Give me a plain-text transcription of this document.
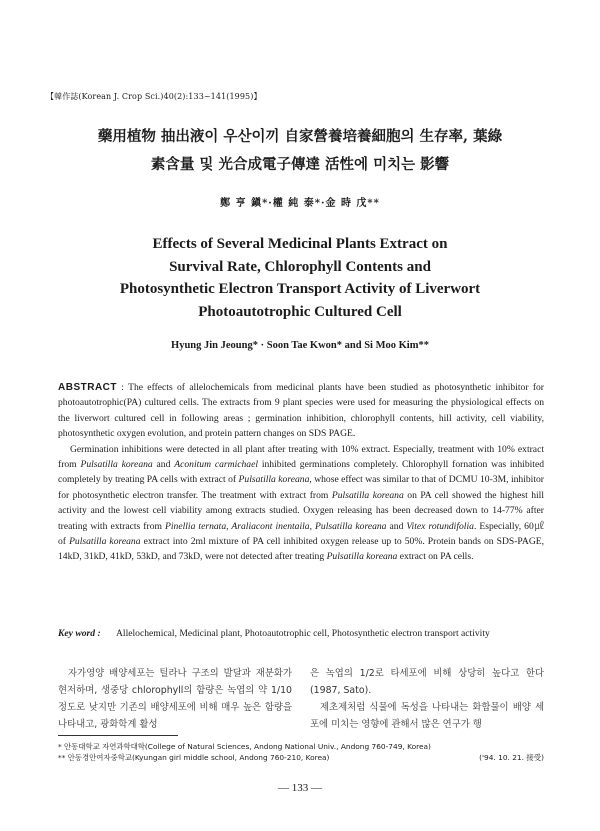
【韓作誌(Korean J. Crop Sci.)40(2):133~141(1995)】
藥用植物 抽出液이 우산이끼 自家營養培養細胞의 生存率, 葉綠
素含量 및 光合成電子傳達 活性에 미치는 影響
鄭 亨 鎭*·權 純 泰*·金 時 戊**
Effects of Several Medicinal Plants Extract on
Survival Rate, Chlorophyll Contents and
Photosynthetic Electron Transport Activity of Liverwort
Photoautotrophic Cultured Cell
Hyung Jin Jeoung* · Soon Tae Kwon* and Si Moo Kim**

ABSTRACT : The effects of allelochemicals from medicinal plants have been studied as photosynthetic inhibitor for photoautotrophic(PA) cultured cells. The extracts from 9 plant species were used for measuring the physiological effects on the liverwort cultured cell in following areas ; germination inhibition, chlorophyll contents, hill activity, cell viability, photosynthetic oxygen evolution, and protein pattern changes on SDS PAGE.

Germination inhibitions were detected in all plant after treating with 10% extract. Especially, treatment with 10% extract from Pulsatilla koreana and Aconitum carmichael inhibited germinations completely. Chlorophyll fornation was inhibited completely by treating PA cells with extract of Pulsatilla koreana, whose effect was similar to that of DCMU 10-3M, inhibitor for photosynthetic electron transfer. The treatment with extract from Pulsatilla koreana on PA cell showed the highest hill activity and the lowest cell viability among extracts studied. Oxygen releasing has been decreased down to 14-77% after treating with extracts from Pinellia ternata, Araliacont inentaila, Pulsatilla koreana and Vitex rotundifolia. Especially, 60㎕ of Pulsatilla koreana extract into 2ml mixture of PA cell inhibited oxygen release up to 50%. Protein bands on SDS-PAGE, 14kD, 31kD, 41kD, 53kD, and 73kD, were not detected after treating Pulsatilla koreana extract on PA cells.

Key word : Allelochemical, Medicinal plant, Photoautotrophic cell, Photosynthetic electron transport activity

자가영양 배양세포는 틸라나 구조의 발달과 재분화가 현저하며, 생중당 chlorophyll의 함량은 녹엽의 약 1/10 정도로 낮지만 기존의 배양세포에 비해 매우 높은 함량을 나타내고, 광화학계 활성

은 녹엽의 1/2로 타세포에 비해 상당히 높다고 한다(1987, Sato).

제초제처럼 식물에 독성을 나타내는 화합물이 배양 세포에 미치는 영향에 관해서 많은 연구가 행

* 안동대학교 자연과학대학(College of Natural Sciences, Andong National Univ., Andong 760-749, Korea)
** 안동경안여자중학교(Kyungan girl middle school, Andong 760-210, Korea)	('94. 10. 21. 接受)
— 133 —
